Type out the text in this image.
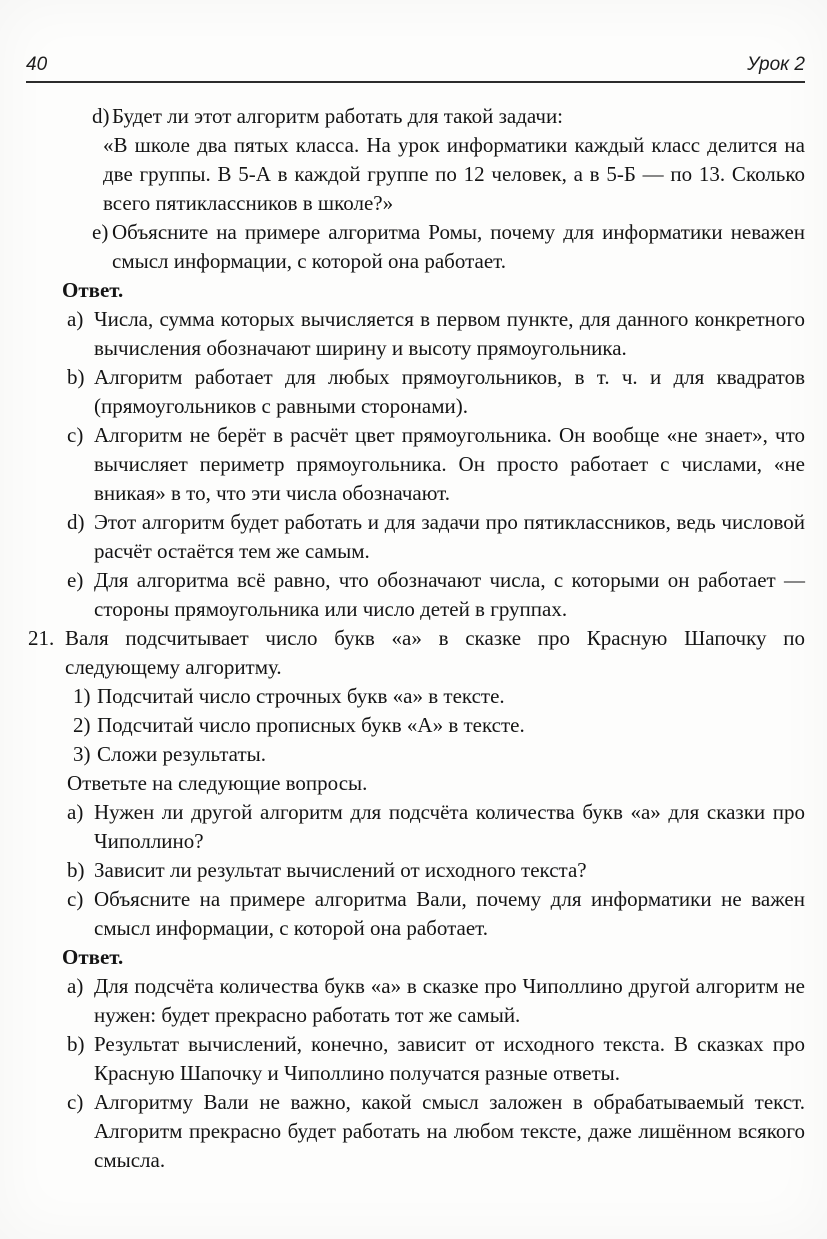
40	Урок 2
d) Будет ли этот алгоритм работать для такой задачи:
«В школе два пятых класса. На урок информатики каждый класс делится на две группы. В 5-А в каждой группе по 12 человек, а в 5-Б — по 13. Сколько всего пятиклассников в школе?»
e) Объясните на примере алгоритма Ромы, почему для информатики неважен смысл информации, с которой она работает.
Ответ.
a) Числа, сумма которых вычисляется в первом пункте, для данного конкретного вычисления обозначают ширину и высоту прямоугольника.
b) Алгоритм работает для любых прямоугольников, в т. ч. и для квадратов (прямоугольников с равными сторонами).
c) Алгоритм не берёт в расчёт цвет прямоугольника. Он вообще «не знает», что вычисляет периметр прямоугольника. Он просто работает с числами, «не вникая» в то, что эти числа обозначают.
d) Этот алгоритм будет работать и для задачи про пятиклассников, ведь числовой расчёт остаётся тем же самым.
e) Для алгоритма всё равно, что обозначают числа, с которыми он работает — стороны прямоугольника или число детей в группах.
21. Валя подсчитывает число букв «а» в сказке про Красную Шапочку по следующему алгоритму.
1) Подсчитай число строчных букв «а» в тексте.
2) Подсчитай число прописных букв «А» в тексте.
3) Сложи результаты.
Ответьте на следующие вопросы.
a) Нужен ли другой алгоритм для подсчёта количества букв «а» для сказки про Чиполлино?
b) Зависит ли результат вычислений от исходного текста?
c) Объясните на примере алгоритма Вали, почему для информатики не важен смысл информации, с которой она работает.
Ответ.
a) Для подсчёта количества букв «а» в сказке про Чиполлино другой алгоритм не нужен: будет прекрасно работать тот же самый.
b) Результат вычислений, конечно, зависит от исходного текста. В сказках про Красную Шапочку и Чиполлино получатся разные ответы.
c) Алгоритму Вали не важно, какой смысл заложен в обрабатываемый текст. Алгоритм прекрасно будет работать на любом тексте, даже лишённом всякого смысла.
